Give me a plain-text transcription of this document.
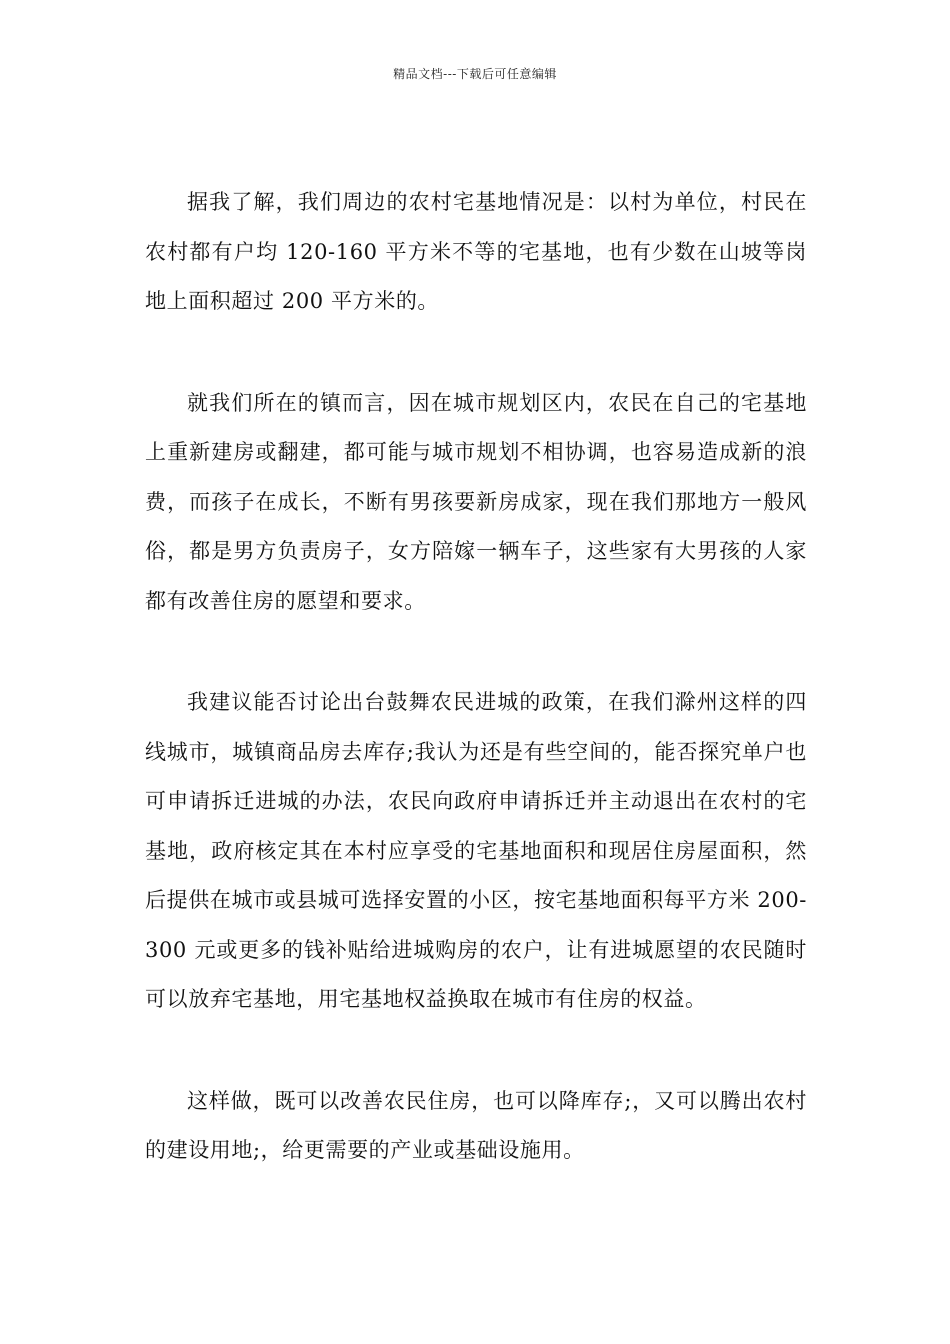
精品文档---下载后可任意编辑

据我了解，我们周边的农村宅基地情况是：以村为单位，村民在农村都有户均 120-160 平方米不等的宅基地，也有少数在山坡等岗地上面积超过 200 平方米的。

就我们所在的镇而言，因在城市规划区内，农民在自己的宅基地上重新建房或翻建，都可能与城市规划不相协调，也容易造成新的浪费，而孩子在成长，不断有男孩要新房成家，现在我们那地方一般风俗，都是男方负责房子，女方陪嫁一辆车子，这些家有大男孩的人家都有改善住房的愿望和要求。

我建议能否讨论出台鼓舞农民进城的政策，在我们滁州这样的四线城市，城镇商品房去库存;我认为还是有些空间的，能否探究单户也可申请拆迁进城的办法，农民向政府申请拆迁并主动退出在农村的宅基地，政府核定其在本村应享受的宅基地面积和现居住房屋面积，然后提供在城市或县城可选择安置的小区，按宅基地面积每平方米 200-300 元或更多的钱补贴给进城购房的农户，让有进城愿望的农民随时可以放弃宅基地，用宅基地权益换取在城市有住房的权益。

这样做，既可以改善农民住房，也可以降库存;，又可以腾出农村的建设用地;，给更需要的产业或基础设施用。
